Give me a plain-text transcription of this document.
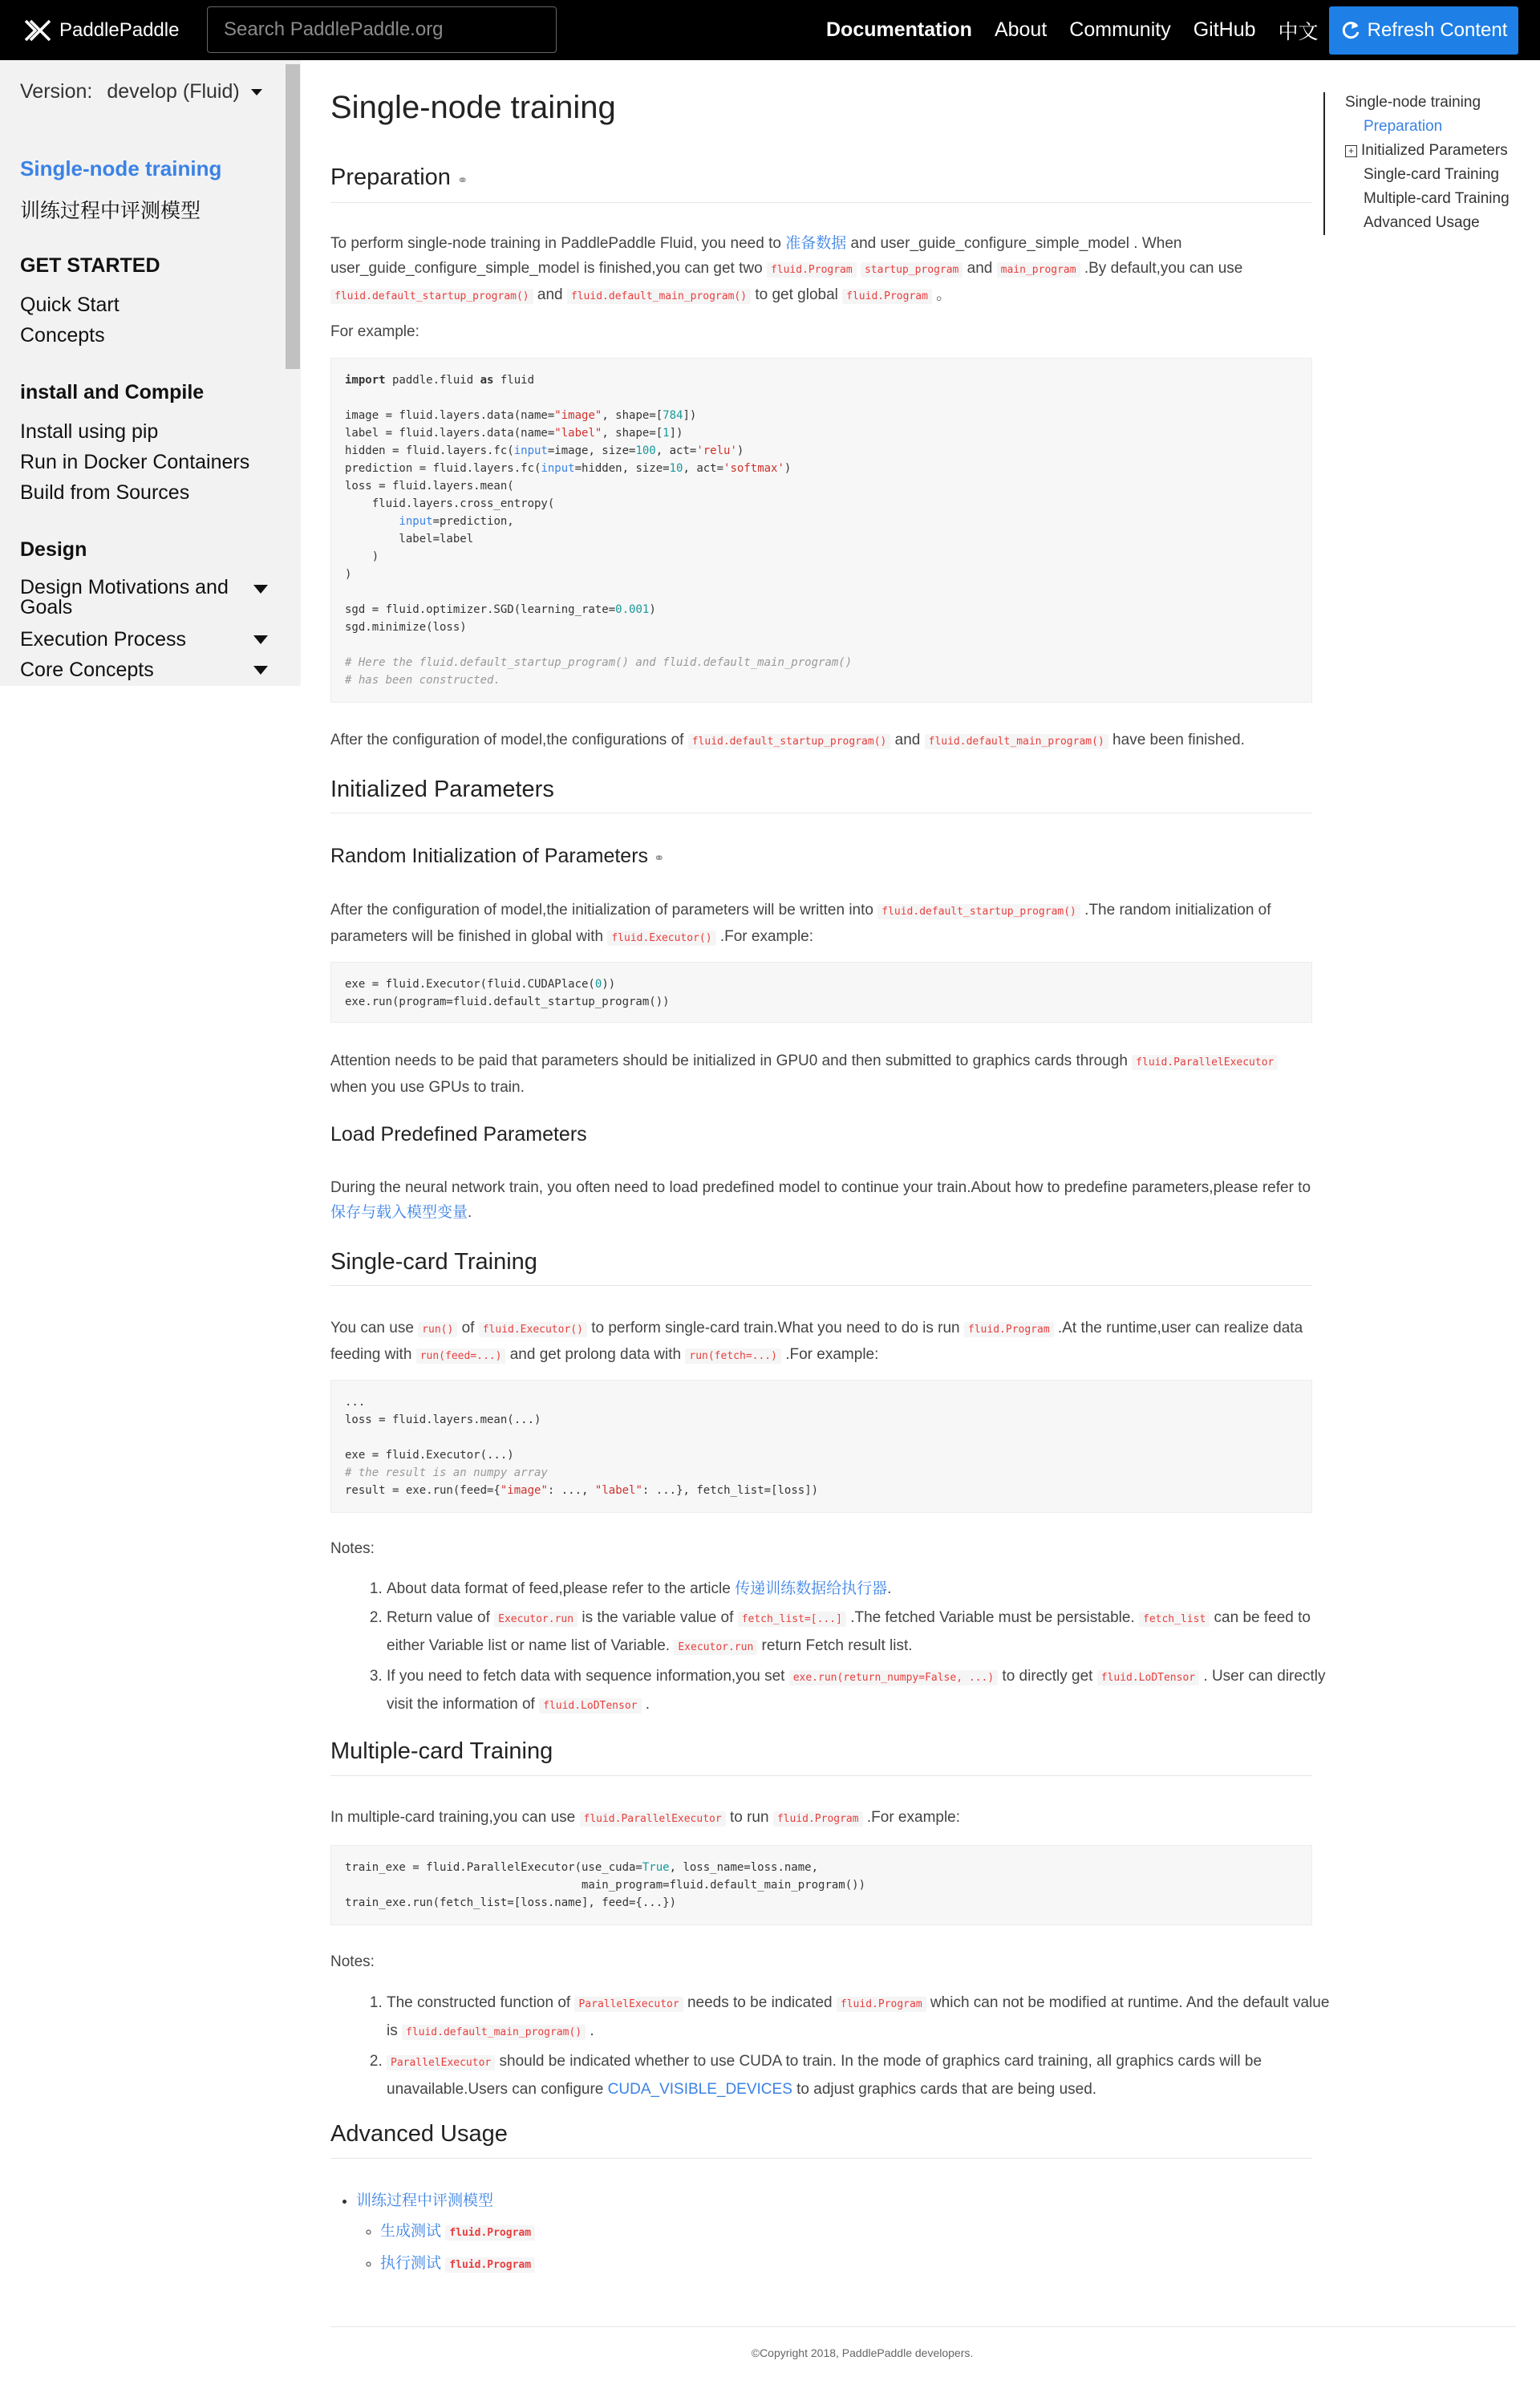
PaddlePaddle
Search PaddlePaddle.org	Documentation About Community GitHub 中文	Refresh Content
Version: develop (Fluid)
Single-node training
训练过程中评测模型
GET STARTED
Quick Start
Concepts
install and Compile
Install using pip
Run in Docker Containers
Build from Sources
Design
Design Motivations and Goals
Execution Process
Core Concepts
Single-node training
Preparation
+ Initialized Parameters
Single-card Training
Multiple-card Training
Advanced Usage
Single-node training
Preparation ⚭

To perform single-node training in PaddlePaddle Fluid, you need to 准备数据 and user_guide_configure_simple_model . When user_guide_configure_simple_model is finished,you can get two fluid.Program startup_program and main_program .By default,you can use fluid.default_startup_program() and fluid.default_main_program() to get global fluid.Program 。

For example:

import paddle.fluid as fluid

image = fluid.layers.data(name="image", shape=[784])
label = fluid.layers.data(name="label", shape=[1])
hidden = fluid.layers.fc(input=image, size=100, act='relu')
prediction = fluid.layers.fc(input=hidden, size=10, act='softmax')
loss = fluid.layers.mean(
fluid.layers.cross_entropy(
input=prediction,
label=label
)
)

sgd = fluid.optimizer.SGD(learning_rate=0.001)
sgd.minimize(loss)

# Here the fluid.default_startup_program() and fluid.default_main_program()
# has been constructed.

After the configuration of model,the configurations of fluid.default_startup_program() and fluid.default_main_program() have been finished.

Initialized Parameters
Random Initialization of Parameters ⚭

After the configuration of model,the initialization of parameters will be written into fluid.default_startup_program() .The random initialization of parameters will be finished in global with fluid.Executor() .For example:

exe = fluid.Executor(fluid.CUDAPlace(0))
exe.run(program=fluid.default_startup_program())

Attention needs to be paid that parameters should be initialized in GPU0 and then submitted to graphics cards through fluid.ParallelExecutor when you use GPUs to train.

Load Predefined Parameters

During the neural network train, you often need to load predefined model to continue your train.About how to predefine parameters,please refer to 保存与载入模型变量.

Single-card Training

You can use run() of fluid.Executor() to perform single-card train.What you need to do is run fluid.Program .At the runtime,user can realize data feeding with run(feed=...) and get prolong data with run(fetch=...) .For example:

...
loss = fluid.layers.mean(...)

exe = fluid.Executor(...)
# the result is an numpy array
result = exe.run(feed={"image": ..., "label": ...}, fetch_list=[loss])

Notes:

1. About data format of feed,please refer to the article 传递训练数据给执行器.
2. Return value of Executor.run is the variable value of fetch_list=[...] .The fetched Variable must be persistable. fetch_list can be feed to either Variable list or name list of Variable. Executor.run return Fetch result list.
3. If you need to fetch data with sequence information,you set exe.run(return_numpy=False, ...) to directly get fluid.LoDTensor . User can directly visit the information of fluid.LoDTensor .
Multiple-card Training

In multiple-card training,you can use fluid.ParallelExecutor to run fluid.Program .For example:

train_exe = fluid.ParallelExecutor(use_cuda=True, loss_name=loss.name,
main_program=fluid.default_main_program())
train_exe.run(fetch_list=[loss.name], feed={...})

Notes:

1. The constructed function of ParallelExecutor needs to be indicated fluid.Program which can not be modified at runtime. And the default value is fluid.default_main_program() .
2. ParallelExecutor should be indicated whether to use CUDA to train. In the mode of graphics card training, all graphics cards will be unavailable.Users can configure CUDA_VISIBLE_DEVICES to adjust graphics cards that are being used.
Advanced Usage
• 训练过程中评测模型
◦ 生成测试 fluid.Program
◦ 执行测试 fluid.Program
©Copyright 2018, PaddlePaddle developers.
